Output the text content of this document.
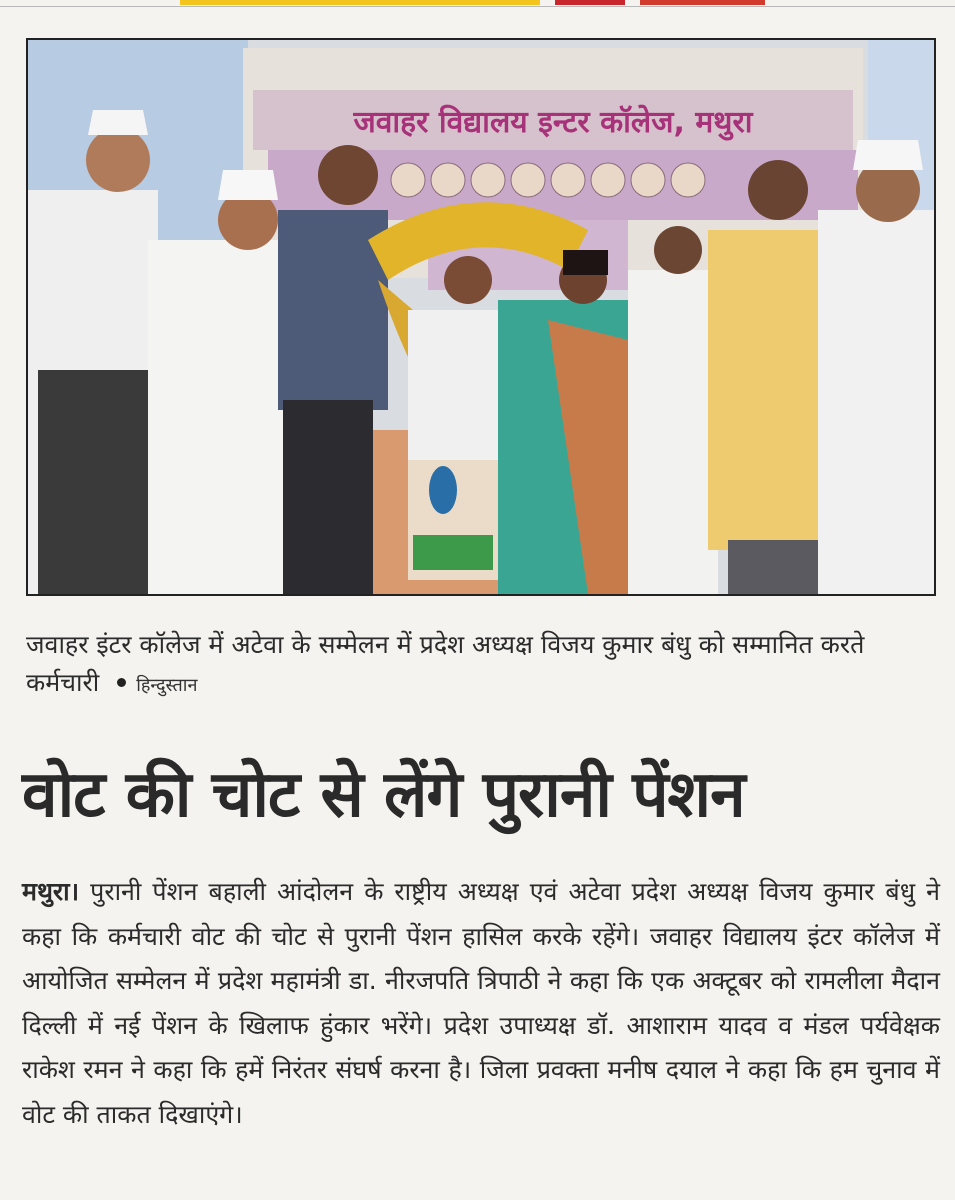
जवाहर विद्यालय इन्टर कॉलेज, मथुरा
जवाहर इंटर कॉलेज में अटेवा के सम्मेलन में प्रदेश अध्यक्ष विजय कुमार बंधु को सम्मानित करते कर्मचारी हिन्दुस्तान
वोट की चोट से लेंगे पुरानी पेंशन
मथुरा। पुरानी पेंशन बहाली आंदोलन के राष्ट्रीय अध्यक्ष एवं अटेवा प्रदेश अध्यक्ष विजय कुमार बंधु ने कहा कि कर्मचारी वोट की चोट से पुरानी पेंशन हासिल करके रहेंगे। जवाहर विद्यालय इंटर कॉलेज में आयोजित सम्मेलन में प्रदेश महामंत्री डा. नीरजपति त्रिपाठी ने कहा कि एक अक्टूबर को रामलीला मैदान दिल्ली में नई पेंशन के खिलाफ हुंकार भरेंगे। प्रदेश उपाध्यक्ष डॉ. आशाराम यादव व मंडल पर्यवेक्षक राकेश रमन ने कहा कि हमें निरंतर संघर्ष करना है। जिला प्रवक्ता मनीष दयाल ने कहा कि हम चुनाव में वोट की ताकत दिखाएंगे।
